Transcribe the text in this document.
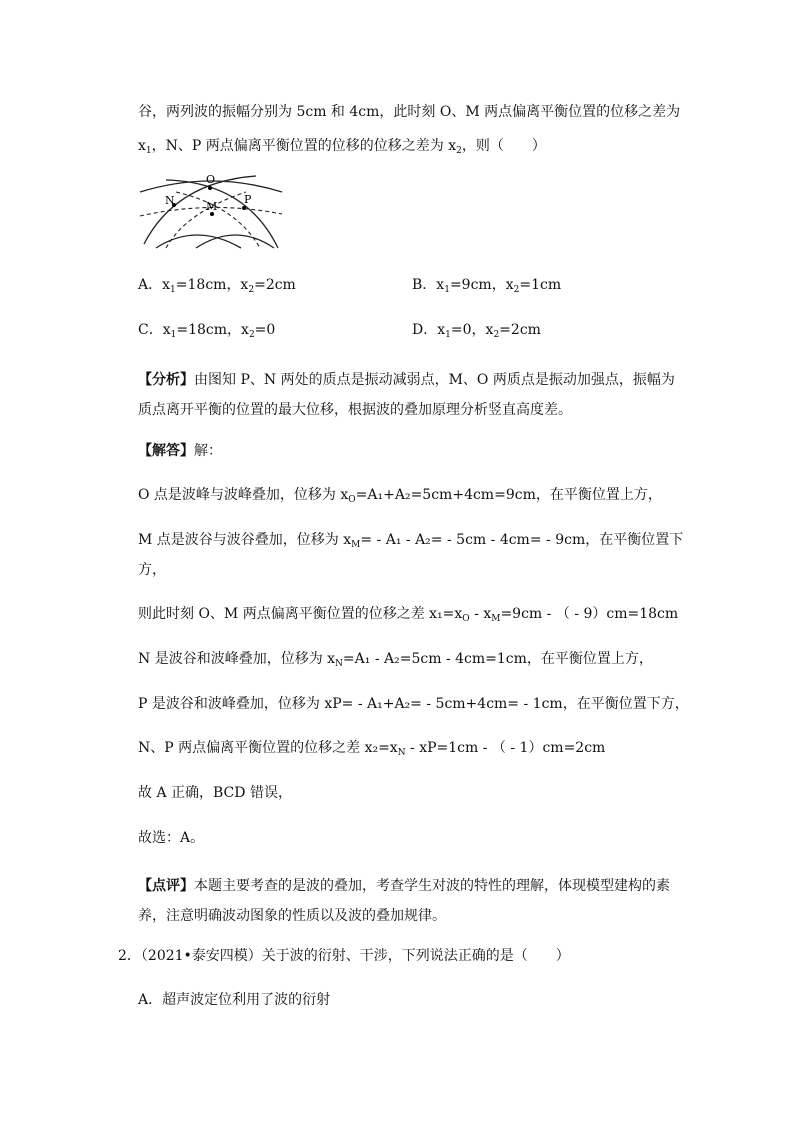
谷，两列波的振幅分别为 5cm 和 4cm，此时刻 O、M 两点偏离平衡位置的位移之差为
$x_1$，N、P 两点偏离平衡位置的位移的位移之差为 $x_2$，则（　　）
O
N	M
P
A．$x_1=18cm$，$x_2=2cm$	B．$x_1=9cm$，$x_2=1cm$
C．$x_1=18cm$，$x_2=0$	D．$x_1=0$，$x_2=2cm$
【分析】由图知 P、N 两处的质点是振动减弱点，M、O 两质点是振动加强点，振幅为质点离开平衡的位置的最大位移，根据波的叠加原理分析竖直高度差。
【解答】解：
O 点是波峰与波峰叠加，位移为 $x_O=A_1+A_2=5cm+4cm=9cm$，在平衡位置上方，
M 点是波谷与波谷叠加，位移为 $x_M= - A_1 - A_2= - 5cm - 4cm= - 9cm$，在平衡位置下
方，
则此时刻 O、M 两点偏离平衡位置的位移之差 $x_1=x_O - x_M=9cm$ - （ - 9）cm=18cm
N 是波谷和波峰叠加，位移为 $x_N=A_1 - A_2=5cm - 4cm=1cm$，在平衡位置上方，
P 是波谷和波峰叠加，位移为 xP= - A₁+A₂= - 5cm+4cm= - 1cm，在平衡位置下方，
N、P 两点偏离平衡位置的位移之差 $x_2=x_N - xP=1cm$ - （ - 1）cm=2cm
故 A 正确，BCD 错误，
故选：A。
【点评】本题主要考查的是波的叠加，考查学生对波的特性的理解，体现模型建构的素养，注意明确波动图象的性质以及波的叠加规律。
2．（2021•泰安四模）关于波的衍射、干涉，下列说法正确的是（　　）
A．超声波定位利用了波的衍射
